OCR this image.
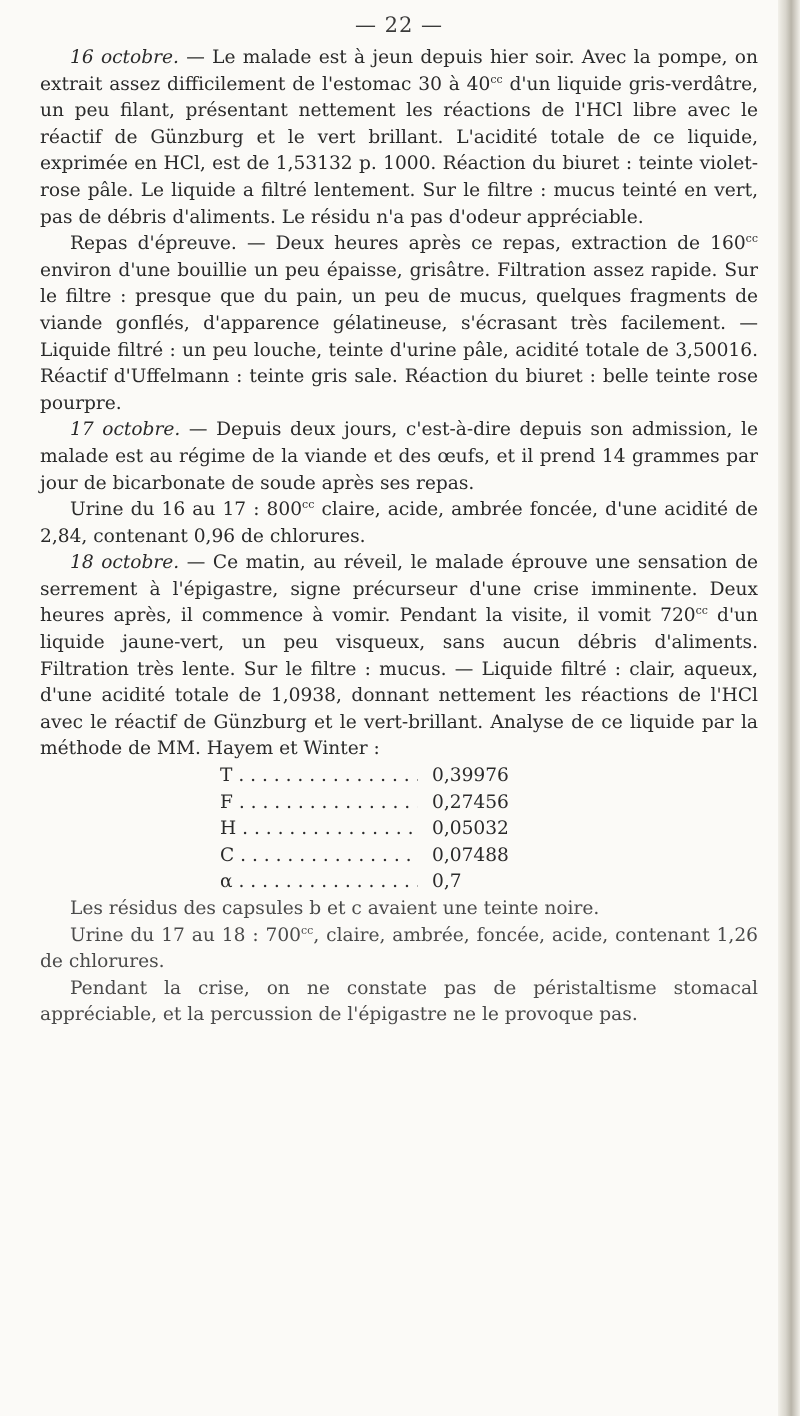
— 22 —

16 octobre. — Le malade est à jeun depuis hier soir. Avec la pompe, on extrait assez difficilement de l'estomac 30 à $40^{cc}$ d'un liquide gris-verdâtre, un peu filant, présentant nettement les réactions de l'HCl libre avec le réactif de Günzburg et le vert brillant. L'acidité totale de ce liquide, exprimée en HCl, est de 1,53132 p. 1000. Réaction du biuret : teinte violet-rose pâle. Le liquide a filtré lentement. Sur le filtre : mucus teinté en vert, pas de débris d'aliments. Le résidu n'a pas d'odeur appréciable.

Repas d'épreuve. — Deux heures après ce repas, extraction de $160^{cc}$ environ d'une bouillie un peu épaisse, grisâtre. Filtration assez rapide. Sur le filtre : presque que du pain, un peu de mucus, quelques fragments de viande gonflés, d'apparence gélatineuse, s'écrasant très facilement. — Liquide filtré : un peu louche, teinte d'urine pâle, acidité totale de 3,50016. Réactif d'Uffelmann : teinte gris sale. Réaction du biuret : belle teinte rose pourpre.

17 octobre. — Depuis deux jours, c'est-à-dire depuis son admission, le malade est au régime de la viande et des œufs, et il prend 14 grammes par jour de bicarbonate de soude après ses repas.

Urine du 16 au 17 : $800^{cc}$ claire, acide, ambrée foncée, d'une acidité de 2,84, contenant 0,96 de chlorures.

18 octobre. — Ce matin, au réveil, le malade éprouve une sensation de serrement à l'épigastre, signe précurseur d'une crise imminente. Deux heures après, il commence à vomir. Pendant la visite, il vomit $720^{cc}$ d'un liquide jaune-vert, un peu visqueux, sans aucun débris d'aliments. Filtration très lente. Sur le filtre : mucus. — Liquide filtré : clair, aqueux, d'une acidité totale de 1,0938, donnant nettement les réactions de l'HCl avec le réactif de Günzburg et le vert-brillant. Analyse de ce liquide par la méthode de MM. Hayem et Winter :

T . . .	0,39976
F . . .	0,27456
H . . .	0,05032
C . . .	0,07488
α . . .	0,7

Les résidus des capsules b et c avaient une teinte noire.

Urine du 17 au 18 : $700^{cc}$, claire, ambrée, foncée, acide, contenant 1,26 de chlorures.

Pendant la crise, on ne constate pas de péristaltisme stomacal appréciable, et la percussion de l'épigastre ne le provoque pas.
